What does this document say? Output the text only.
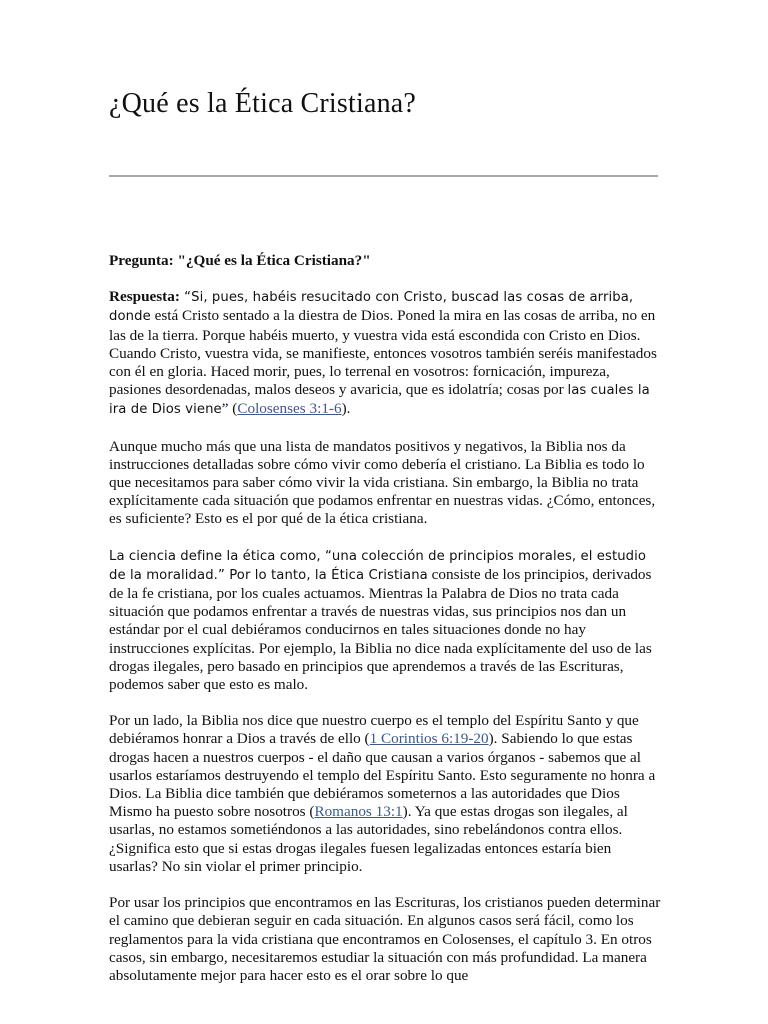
¿Qué es la Ética Cristiana?

Pregunta: "¿Qué es la Ética Cristiana?"

Respuesta: “Si, pues, habéis resucitado con Cristo, buscad las cosas de arriba, donde está Cristo sentado a la diestra de Dios. Poned la mira en las cosas de arriba, no en las de la tierra. Porque habéis muerto, y vuestra vida está escondida con Cristo en Dios. Cuando Cristo, vuestra vida, se manifieste, entonces vosotros también seréis manifestados con él en gloria. Haced morir, pues, lo terrenal en vosotros: fornicación, impureza, pasiones desordenadas, malos deseos y avaricia, que es idolatría; cosas por las cuales la ira de Dios viene” (Colosenses 3:1-6).

Aunque mucho más que una lista de mandatos positivos y negativos, la Biblia nos da instrucciones detalladas sobre cómo vivir como debería el cristiano. La Biblia es todo lo que necesitamos para saber cómo vivir la vida cristiana. Sin embargo, la Biblia no trata explícitamente cada situación que podamos enfrentar en nuestras vidas. ¿Cómo, entonces, es suficiente? Esto es el por qué de la ética cristiana.

La ciencia define la ética como, “una colección de principios morales, el estudio de la moralidad.” Por lo tanto, la Ética Cristiana consiste de los principios, derivados de la fe cristiana, por los cuales actuamos. Mientras la Palabra de Dios no trata cada situación que podamos enfrentar a través de nuestras vidas, sus principios nos dan un estándar por el cual debiéramos conducirnos en tales situaciones donde no hay instrucciones explícitas. Por ejemplo, la Biblia no dice nada explícitamente del uso de las drogas ilegales, pero basado en principios que aprendemos a través de las Escrituras, podemos saber que esto es malo.

Por un lado, la Biblia nos dice que nuestro cuerpo es el templo del Espíritu Santo y que debiéramos honrar a Dios a través de ello (1 Corintios 6:19-20). Sabiendo lo que estas drogas hacen a nuestros cuerpos - el daño que causan a varios órganos - sabemos que al usarlos estaríamos destruyendo el templo del Espíritu Santo. Esto seguramente no honra a Dios. La Biblia dice también que debiéramos someternos a las autoridades que Dios Mismo ha puesto sobre nosotros (Romanos 13:1). Ya que estas drogas son ilegales, al usarlas, no estamos sometiéndonos a las autoridades, sino rebelándonos contra ellos. ¿Significa esto que si estas drogas ilegales fuesen legalizadas entonces estaría bien usarlas? No sin violar el primer principio.

Por usar los principios que encontramos en las Escrituras, los cristianos pueden determinar el camino que debieran seguir en cada situación. En algunos casos será fácil, como los reglamentos para la vida cristiana que encontramos en Colosenses, el capítulo 3. En otros casos, sin embargo, necesitaremos estudiar la situación con más profundidad. La manera absolutamente mejor para hacer esto es el orar sobre lo que
